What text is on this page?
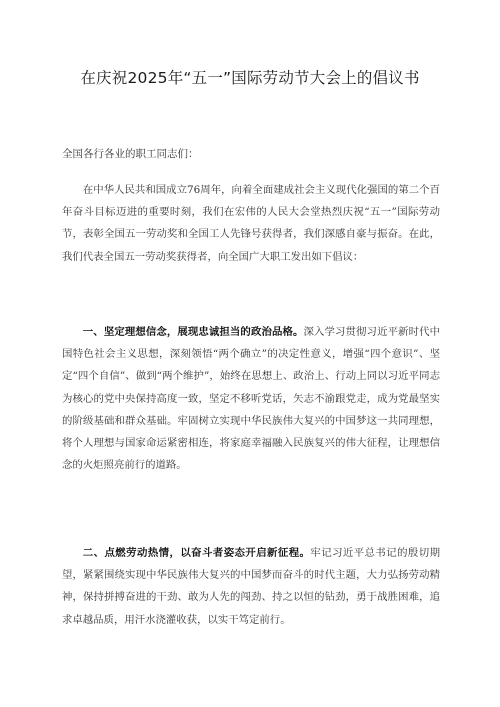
在庆祝2025年“五一”国际劳动节大会上的倡议书
全国各行各业的职工同志们：

在中华人民共和国成立76周年，向着全面建成社会主义现代化强国的第二个百年奋斗目标迈进的重要时刻，我们在宏伟的人民大会堂热烈庆祝“五一”国际劳动节，表彰全国五一劳动奖和全国工人先锋号获得者，我们深感自豪与振奋。在此，我们代表全国五一劳动奖获得者，向全国广大职工发出如下倡议：

一、坚定理想信念，展现忠诚担当的政治品格。深入学习贯彻习近平新时代中国特色社会主义思想，深刻领悟“两个确立”的决定性意义，增强“四个意识”、坚定“四个自信”、做到“两个维护”，始终在思想上、政治上、行动上同以习近平同志为核心的党中央保持高度一致，坚定不移听党话，矢志不渝跟党走，成为党最坚实的阶级基础和群众基础。牢固树立实现中华民族伟大复兴的中国梦这一共同理想，将个人理想与国家命运紧密相连，将家庭幸福融入民族复兴的伟大征程，让理想信念的火炬照亮前行的道路。

二、点燃劳动热情，以奋斗者姿态开启新征程。牢记习近平总书记的殷切期望，紧紧围绕实现中华民族伟大复兴的中国梦而奋斗的时代主题，大力弘扬劳动精神，保持拼搏奋进的干劲、敢为人先的闯劲、持之以恒的钻劲，勇于战胜困难，追求卓越品质，用汗水浇灌收获，以实干笃定前行。
